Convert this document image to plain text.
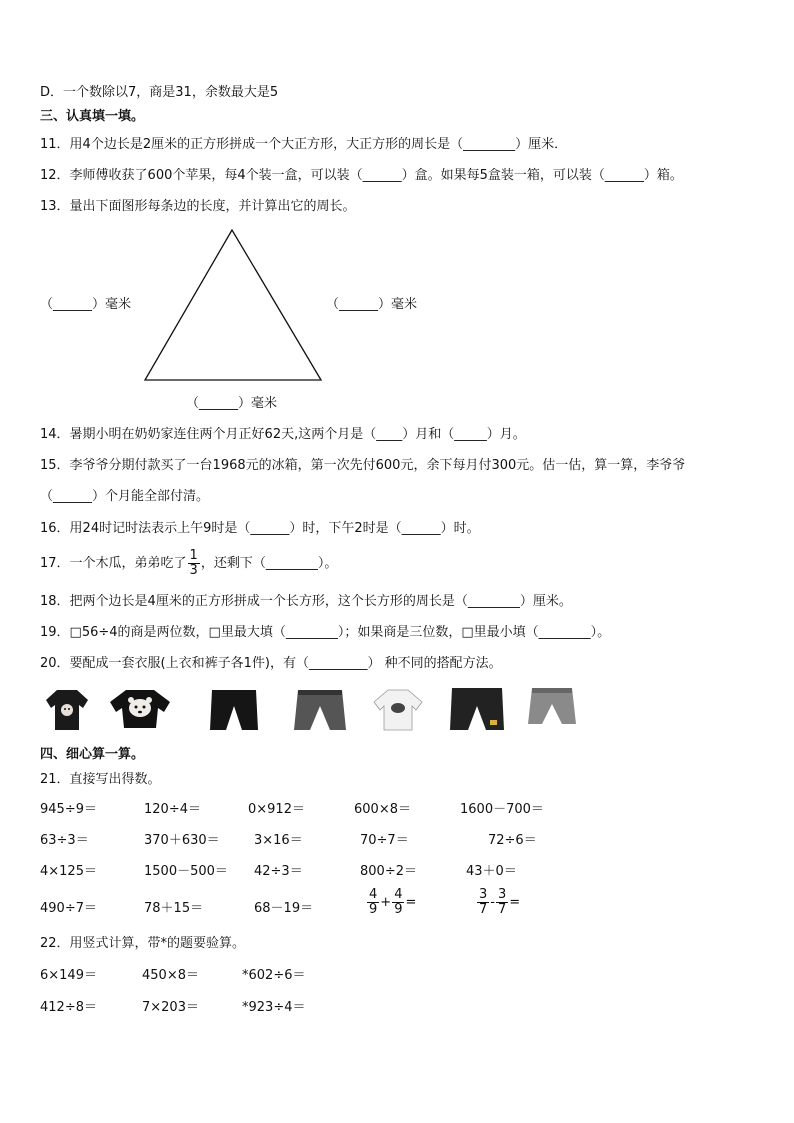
D．一个数除以7，商是31，余数最大是5
三、认真填一填。
11．用4个边长是2厘米的正方形拼成一个大正方形，大正方形的周长是（________）厘米．
12．李师傅收获了600个苹果，每4个装一盒，可以装（______）盒。如果每5盒装一箱，可以装（______）箱。
13．量出下面图形每条边的长度，并计算出它的周长。
（______）毫米	（______）毫米
（______）毫米
14．暑期小明在奶奶家连住两个月正好62天,这两个月是（____）月和（_____）月。
15．李爷爷分期付款买了一台1968元的冰箱，第一次先付600元，余下每月付300元。估一估，算一算，李爷爷
（______）个月能全部付清。
16．用24时记时法表示上午9时是（______）时，下午2时是（______）时。
17．一个木瓜，弟弟吃了 $\frac{1}{3}$ ，还剩下（________）。
18．把两个边长是4厘米的正方形拼成一个长方形，这个长方形的周长是（________）厘米。
19．□56÷4的商是两位数，□里最大填（________）；如果商是三位数，□里最小填（________）。
20．要配成一套衣服(上衣和裤子各1件)，有（_________） 种不同的搭配方法。
四、细心算一算。
21．直接写出得数。
945÷9＝	120÷4＝	0×912＝	600×8＝	1600－700＝
63÷3＝	370＋630＝	3×16＝	70÷7＝	72÷6＝
4×125＝	1500－500＝ 42÷3＝	800÷2＝	43＋0＝
490÷7＝	78＋15＝	68－19＝	$\frac{4}{9} + \frac{4}{9}$ =	$\frac{3}{7} - \frac{3}{7}$ =
22．用竖式计算，带*的题要验算。
6×149＝	450×8＝	*602÷6＝
412÷8＝	7×203＝	*923÷4＝
